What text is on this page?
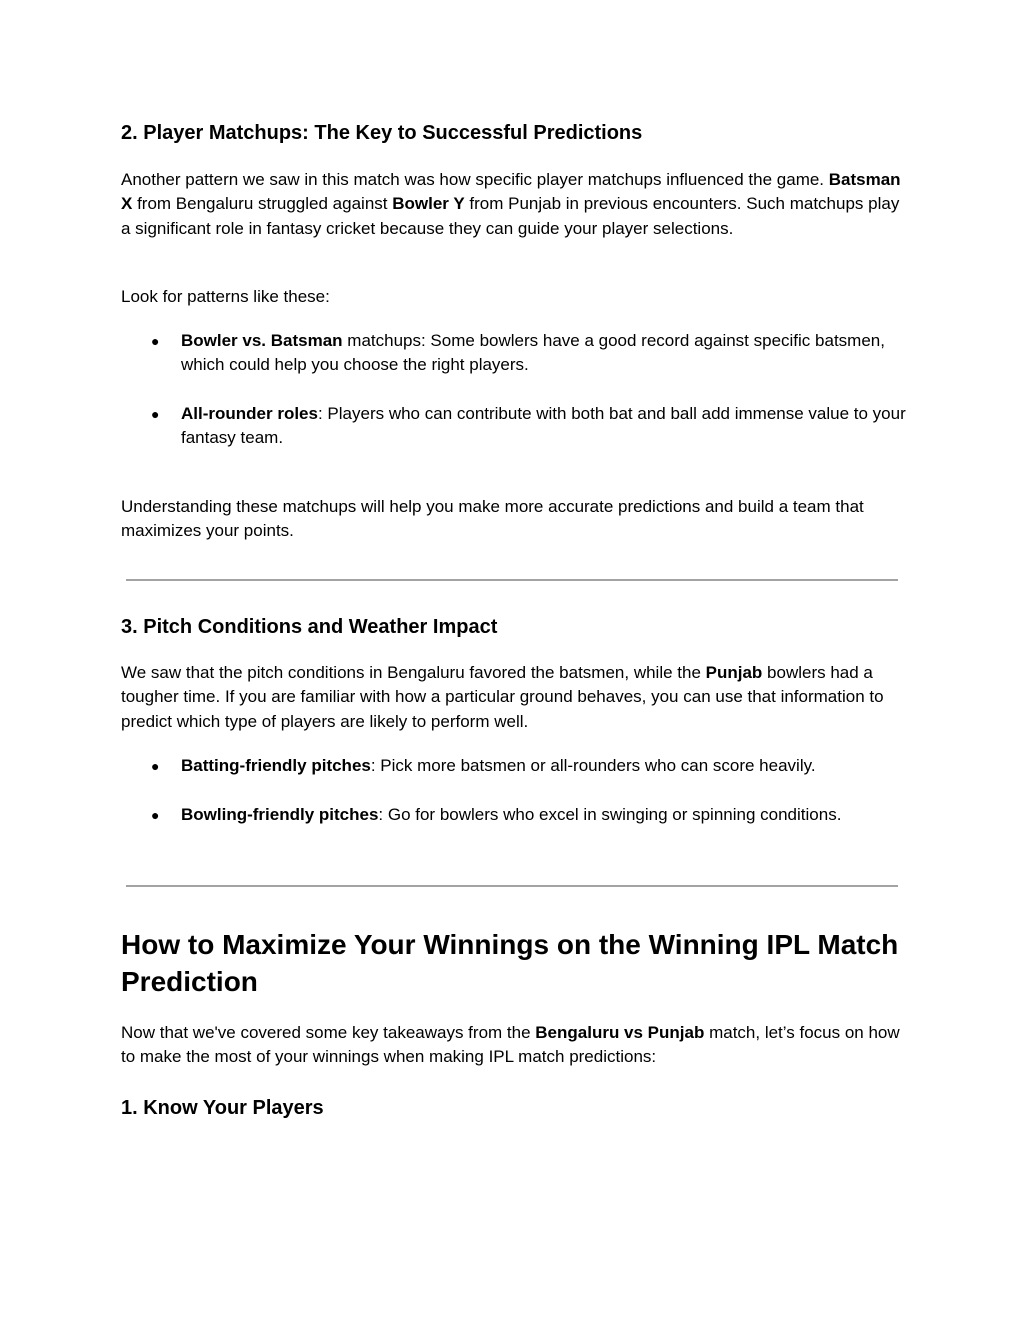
2. Player Matchups: The Key to Successful Predictions
Another pattern we saw in this match was how specific player matchups influenced the game. Batsman X from Bengaluru struggled against Bowler Y from Punjab in previous encounters. Such matchups play a significant role in fantasy cricket because they can guide your player selections.
Look for patterns like these:
● Bowler vs. Batsman matchups: Some bowlers have a good record against specific batsmen, which could help you choose the right players.
● All-rounder roles: Players who can contribute with both bat and ball add immense value to your fantasy team.
Understanding these matchups will help you make more accurate predictions and build a team that maximizes your points.
3. Pitch Conditions and Weather Impact
We saw that the pitch conditions in Bengaluru favored the batsmen, while the Punjab bowlers had a tougher time. If you are familiar with how a particular ground behaves, you can use that information to predict which type of players are likely to perform well.
● Batting-friendly pitches: Pick more batsmen or all-rounders who can score heavily.
● Bowling-friendly pitches: Go for bowlers who excel in swinging or spinning conditions.
How to Maximize Your Winnings on the Winning IPL Match Prediction
Now that we've covered some key takeaways from the Bengaluru vs Punjab match, let’s focus on how to make the most of your winnings when making IPL match predictions:
1. Know Your Players
